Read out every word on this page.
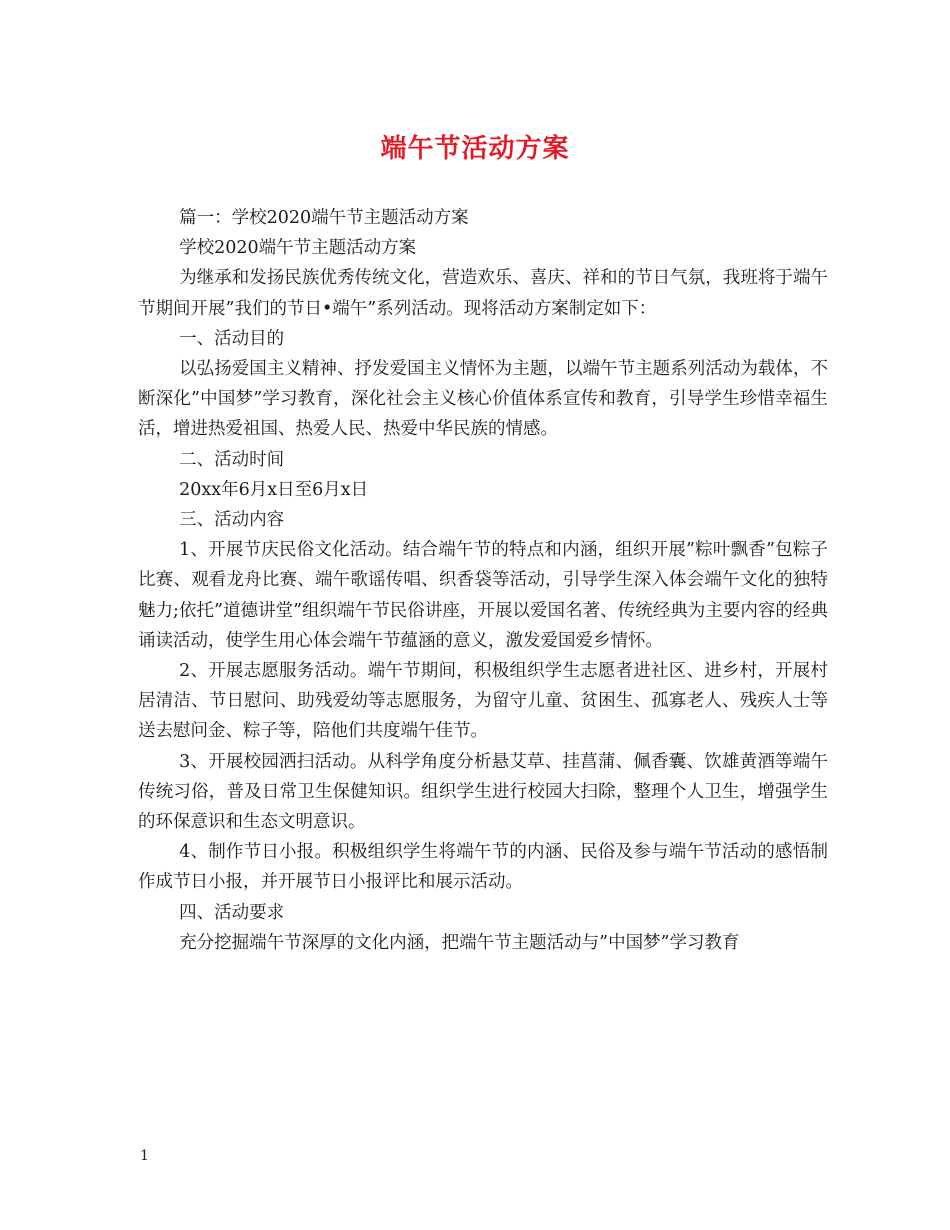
端午节活动方案

篇一：学校2020端午节主题活动方案

学校2020端午节主题活动方案

为继承和发扬民族优秀传统文化，营造欢乐、喜庆、祥和的节日气氛，我班将于端午节期间开展”我们的节日•端午”系列活动。现将活动方案制定如下：

一、活动目的

以弘扬爱国主义精神、抒发爱国主义情怀为主题，以端午节主题系列活动为载体，不断深化”中国梦”学习教育，深化社会主义核心价值体系宣传和教育，引导学生珍惜幸福生活，增进热爱祖国、热爱人民、热爱中华民族的情感。

二、活动时间

20xx年6月x日至6月x日

三、活动内容

1、开展节庆民俗文化活动。结合端午节的特点和内涵，组织开展”粽叶飘香”包粽子比赛、观看龙舟比赛、端午歌谣传唱、织香袋等活动，引导学生深入体会端午文化的独特魅力;依托”道德讲堂”组织端午节民俗讲座，开展以爱国名著、传统经典为主要内容的经典诵读活动，使学生用心体会端午节蕴涵的意义，激发爱国爱乡情怀。

2、开展志愿服务活动。端午节期间，积极组织学生志愿者进社区、进乡村，开展村居清洁、节日慰问、助残爱幼等志愿服务，为留守儿童、贫困生、孤寡老人、残疾人士等送去慰问金、粽子等，陪他们共度端午佳节。

3、开展校园洒扫活动。从科学角度分析悬艾草、挂菖蒲、佩香囊、饮雄黄酒等端午传统习俗，普及日常卫生保健知识。组织学生进行校园大扫除，整理个人卫生，增强学生的环保意识和生态文明意识。

4、制作节日小报。积极组织学生将端午节的内涵、民俗及参与端午节活动的感悟制作成节日小报，并开展节日小报评比和展示活动。

四、活动要求

充分挖掘端午节深厚的文化内涵，把端午节主题活动与”中国梦”学习教育

1
